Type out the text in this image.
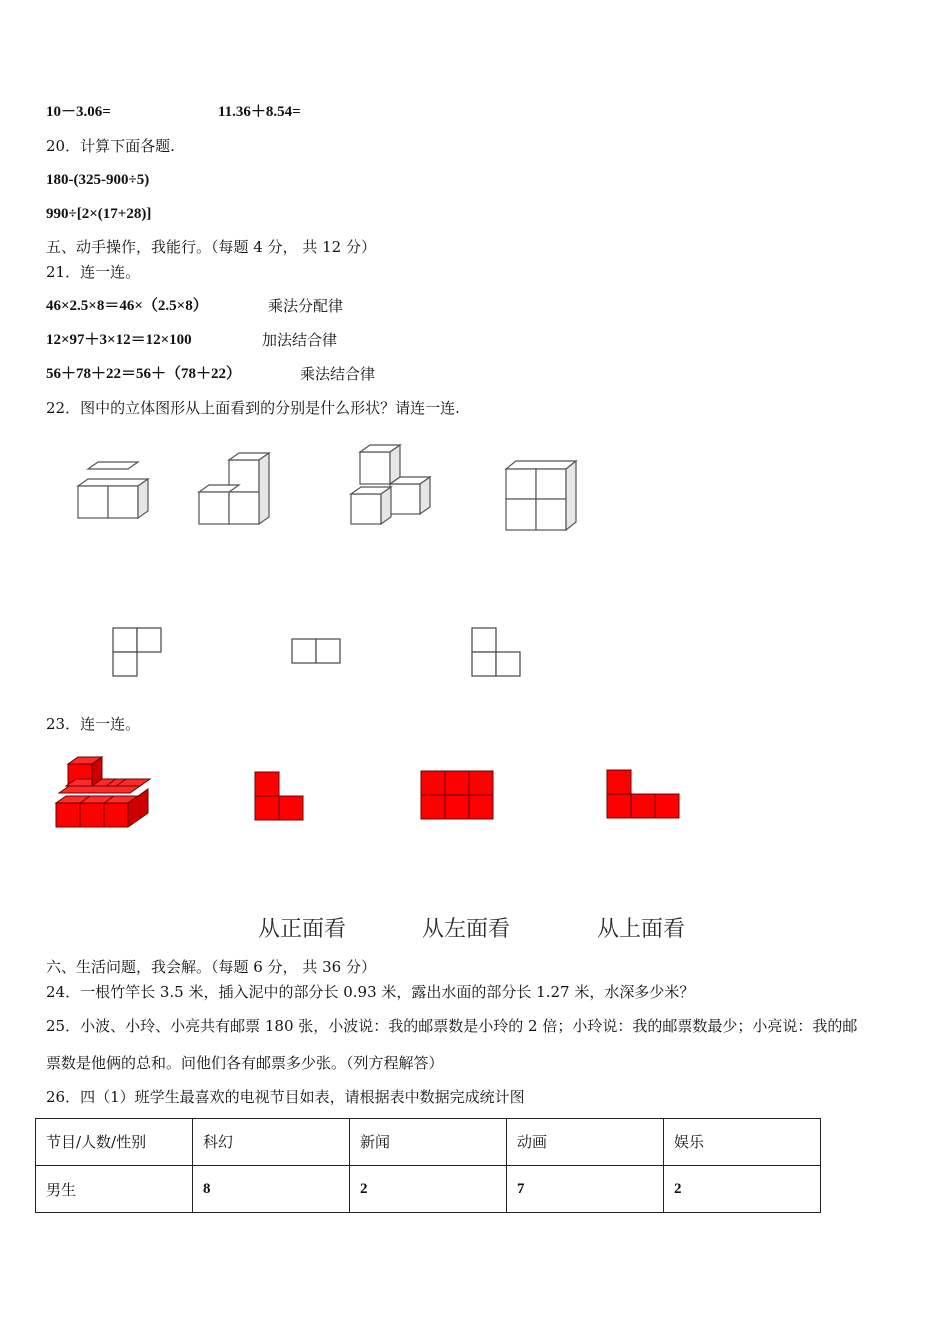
10－3.06=	11.36＋8.54=
20．计算下面各题.
180-(325-900÷5)
990÷[2×(17+28)]
五、动手操作，我能行。（每题 4 分， 共 12 分）
21．连一连。
46×2.5×8＝46×（2.5×8）	乘法分配律
12×97＋3×12＝12×100	加法结合律
56＋78＋22＝56＋（78＋22）	乘法结合律
22．图中的立体图形从上面看到的分别是什么形状？请连一连.
23．连一连。
从正面看	从左面看	从上面看
六、生活问题，我会解。（每题 6 分， 共 36 分）
24．一根竹竿长 3.5 米，插入泥中的部分长 0.93 米，露出水面的部分长 1.27 米，水深多少米？
25．小波、小玲、小亮共有邮票 180 张，小波说：我的邮票数是小玲的 2 倍；小玲说：我的邮票数最少；小亮说：我的邮
票数是他俩的总和。问他们各有邮票多少张。（列方程解答）
26．四（1）班学生最喜欢的电视节目如表，请根据表中数据完成统计图
节目/人数/性别	科幻	新闻	动画	娱乐
男生	8	2	7	2
